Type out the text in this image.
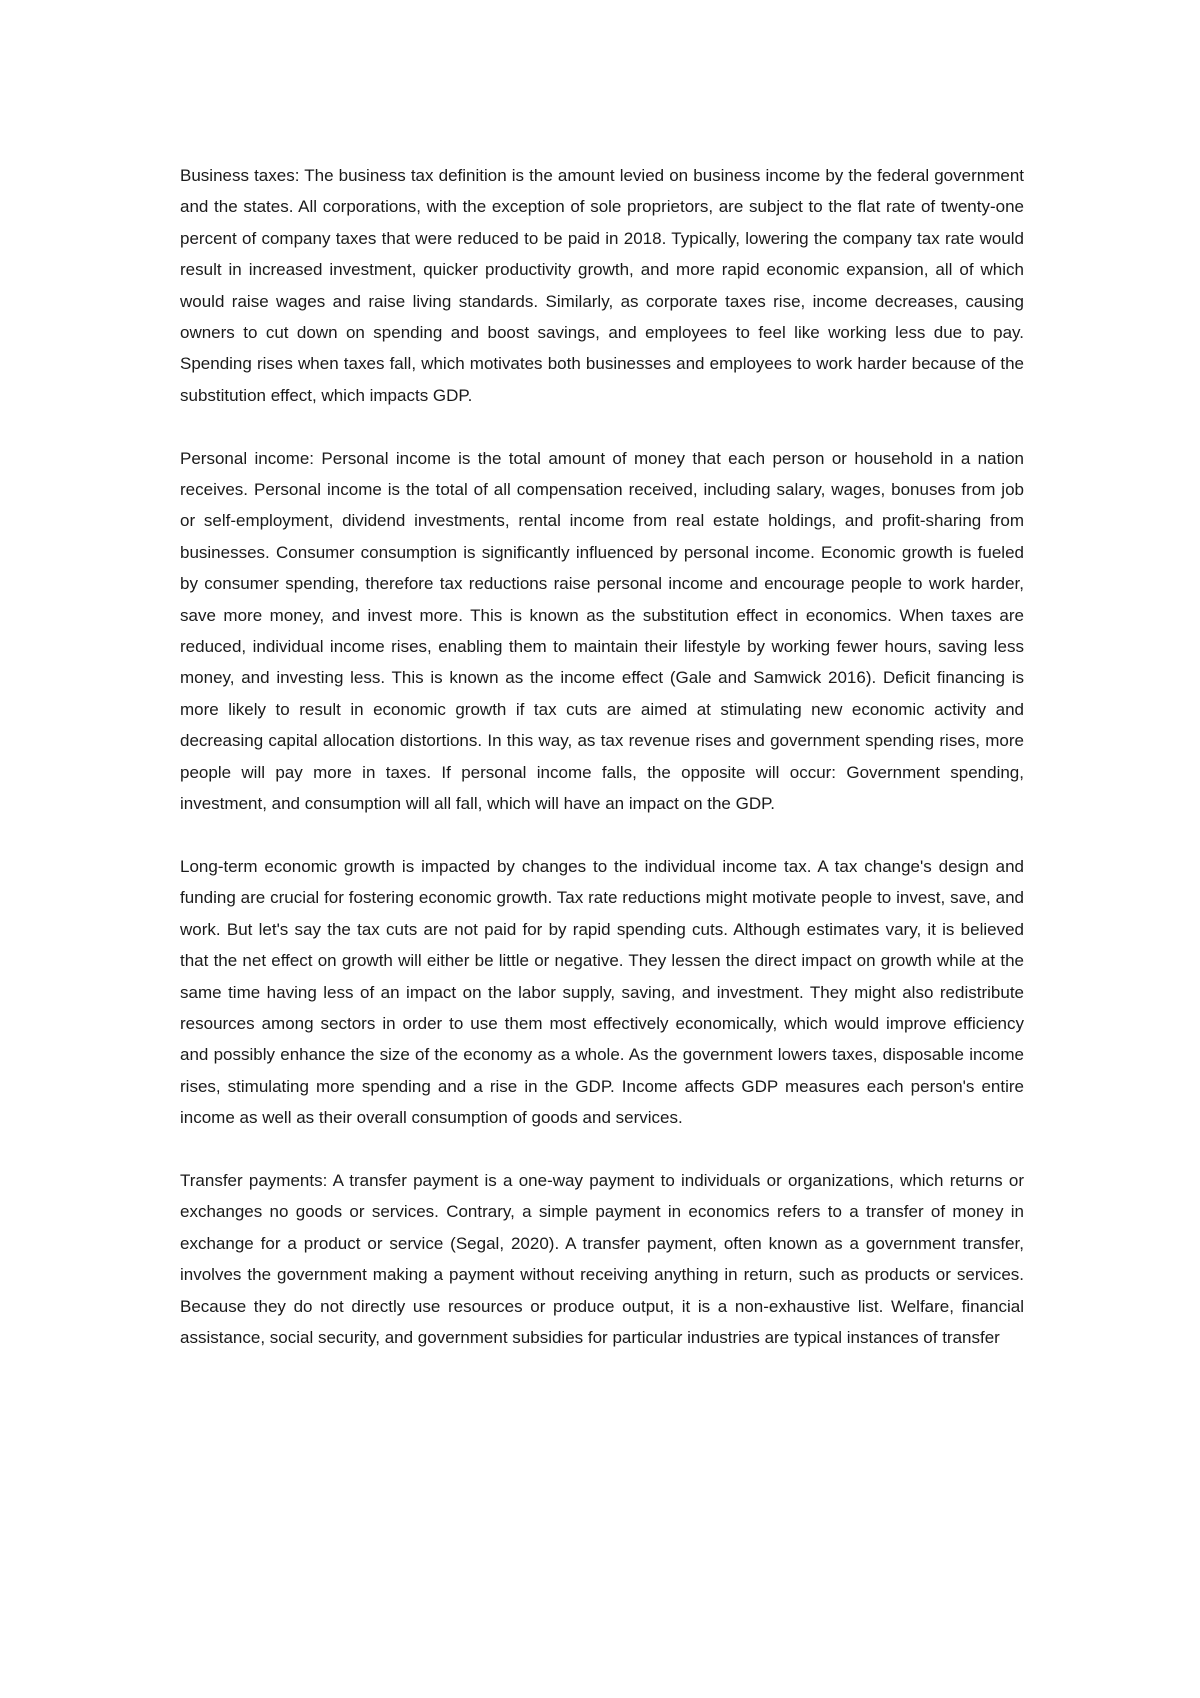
Business taxes: The business tax definition is the amount levied on business income by the federal government and the states. All corporations, with the exception of sole proprietors, are subject to the flat rate of twenty-one percent of company taxes that were reduced to be paid in 2018. Typically, lowering the company tax rate would result in increased investment, quicker productivity growth, and more rapid economic expansion, all of which would raise wages and raise living standards. Similarly, as corporate taxes rise, income decreases, causing owners to cut down on spending and boost savings, and employees to feel like working less due to pay. Spending rises when taxes fall, which motivates both businesses and employees to work harder because of the substitution effect, which impacts GDP.

Personal income: Personal income is the total amount of money that each person or household in a nation receives. Personal income is the total of all compensation received, including salary, wages, bonuses from job or self-employment, dividend investments, rental income from real estate holdings, and profit-sharing from businesses. Consumer consumption is significantly influenced by personal income. Economic growth is fueled by consumer spending, therefore tax reductions raise personal income and encourage people to work harder, save more money, and invest more. This is known as the substitution effect in economics. When taxes are reduced, individual income rises, enabling them to maintain their lifestyle by working fewer hours, saving less money, and investing less. This is known as the income effect (Gale and Samwick 2016). Deficit financing is more likely to result in economic growth if tax cuts are aimed at stimulating new economic activity and decreasing capital allocation distortions. In this way, as tax revenue rises and government spending rises, more people will pay more in taxes. If personal income falls, the opposite will occur: Government spending, investment, and consumption will all fall, which will have an impact on the GDP.

Long-term economic growth is impacted by changes to the individual income tax. A tax change's design and funding are crucial for fostering economic growth. Tax rate reductions might motivate people to invest, save, and work. But let's say the tax cuts are not paid for by rapid spending cuts. Although estimates vary, it is believed that the net effect on growth will either be little or negative. They lessen the direct impact on growth while at the same time having less of an impact on the labor supply, saving, and investment. They might also redistribute resources among sectors in order to use them most effectively economically, which would improve efficiency and possibly enhance the size of the economy as a whole. As the government lowers taxes, disposable income rises, stimulating more spending and a rise in the GDP. Income affects GDP measures each person's entire income as well as their overall consumption of goods and services.

Transfer payments: A transfer payment is a one-way payment to individuals or organizations, which returns or exchanges no goods or services. Contrary, a simple payment in economics refers to a transfer of money in exchange for a product or service (Segal, 2020). A transfer payment, often known as a government transfer, involves the government making a payment without receiving anything in return, such as products or services. Because they do not directly use resources or produce output, it is a non-exhaustive list. Welfare, financial assistance, social security, and government subsidies for particular industries are typical instances of transfer
